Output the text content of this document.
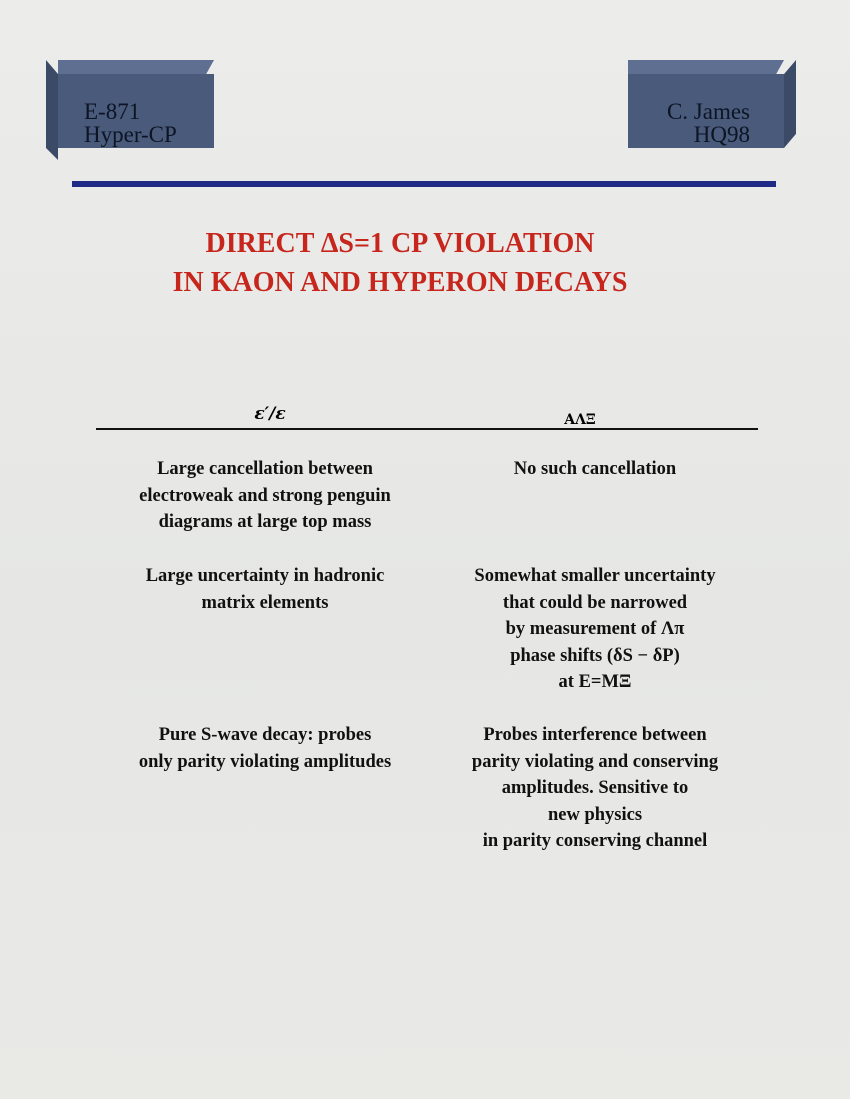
E-871
Hyper-CP
C. James
HQ98
DIRECT ΔS=1 CP VIOLATION
IN KAON AND HYPERON DECAYS
ε′/ε	AΛΞ
Large cancellation between
electroweak and strong penguin
diagrams at large top mass
No such cancellation
Large uncertainty in hadronic
matrix elements
Somewhat smaller uncertainty
that could be narrowed
by measurement of Λπ
phase shifts (δS − δP)
at E=MΞ
Pure S-wave decay: probes
only parity violating amplitudes
Probes interference between
parity violating and conserving
amplitudes. Sensitive to
new physics
in parity conserving channel
